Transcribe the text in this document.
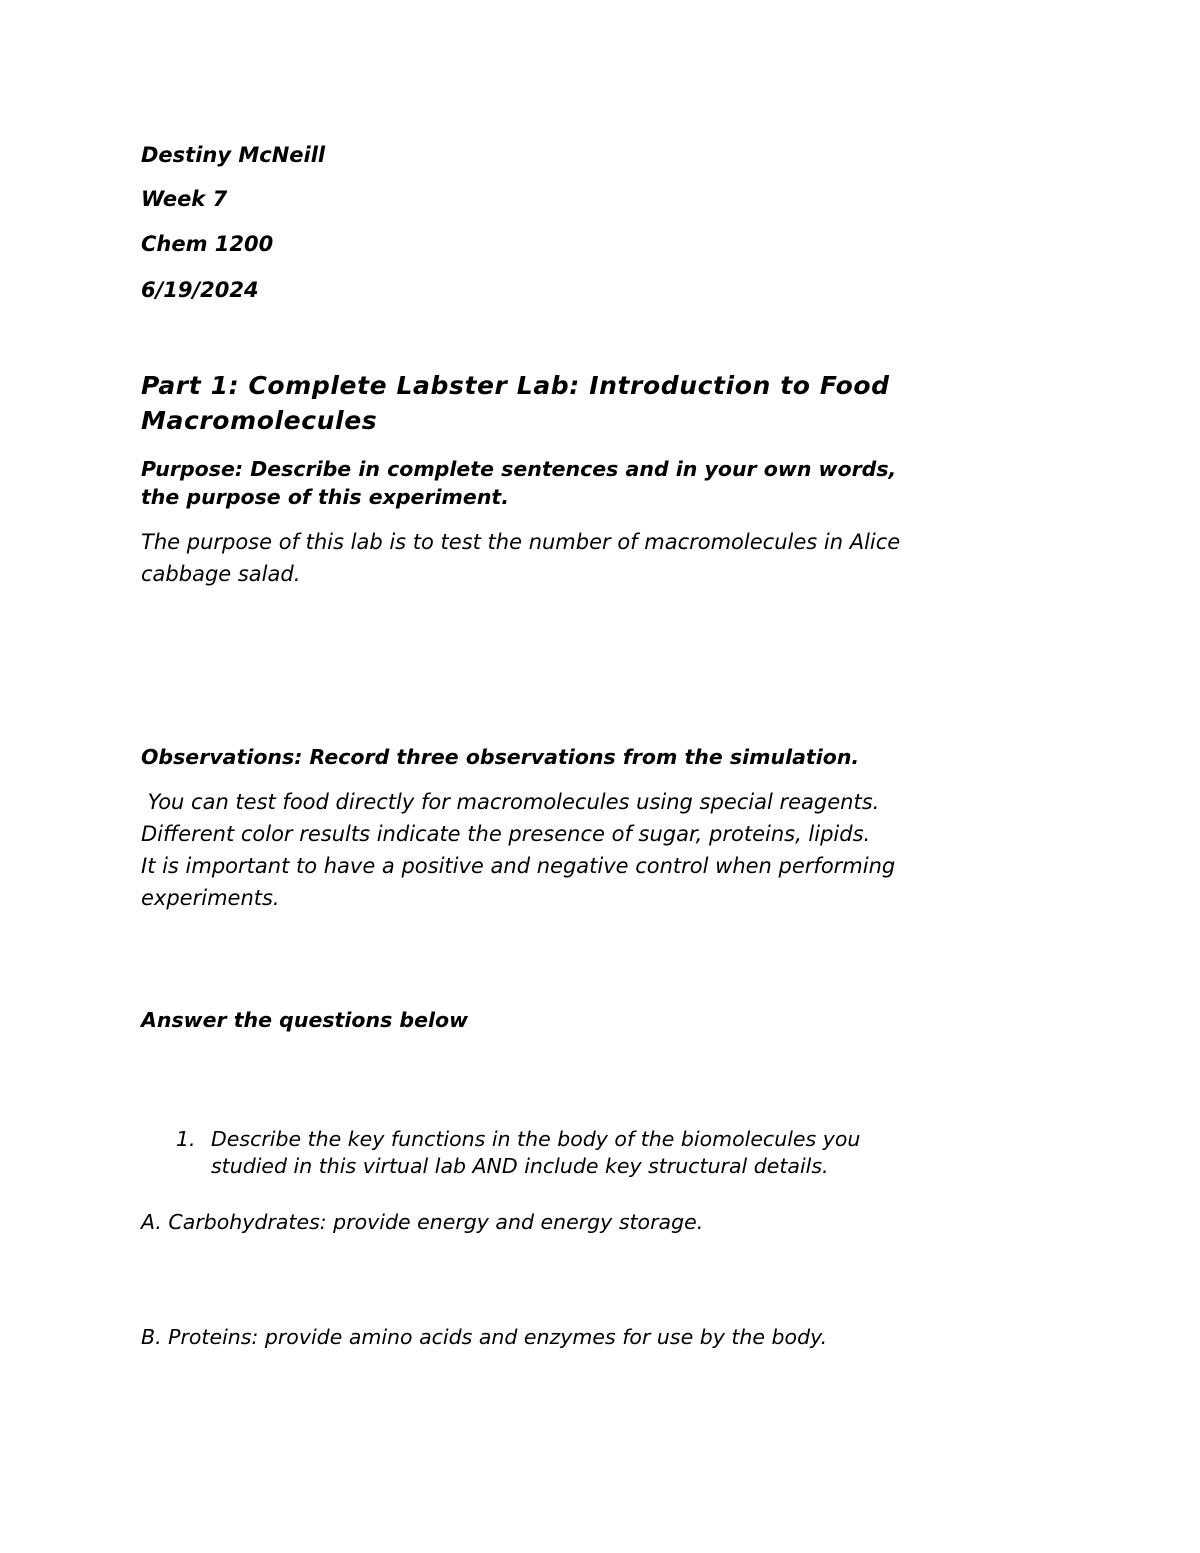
Destiny McNeill
Week 7
Chem 1200
6/19/2024
Part 1: Complete Labster Lab: Introduction to Food
Macromolecules
Purpose: Describe in complete sentences and in your own words,
the purpose of this experiment.
The purpose of this lab is to test the number of macromolecules in Alice
cabbage salad.
Observations: Record three observations from the simulation.
You can test food directly for macromolecules using special reagents.
Different color results indicate the presence of sugar, proteins, lipids.
It is important to have a positive and negative control when performing
experiments.
Answer the questions below
1. Describe the key functions in the body of the biomolecules you
studied in this virtual lab AND include key structural details.
A. Carbohydrates: provide energy and energy storage.
B. Proteins: provide amino acids and enzymes for use by the body.
